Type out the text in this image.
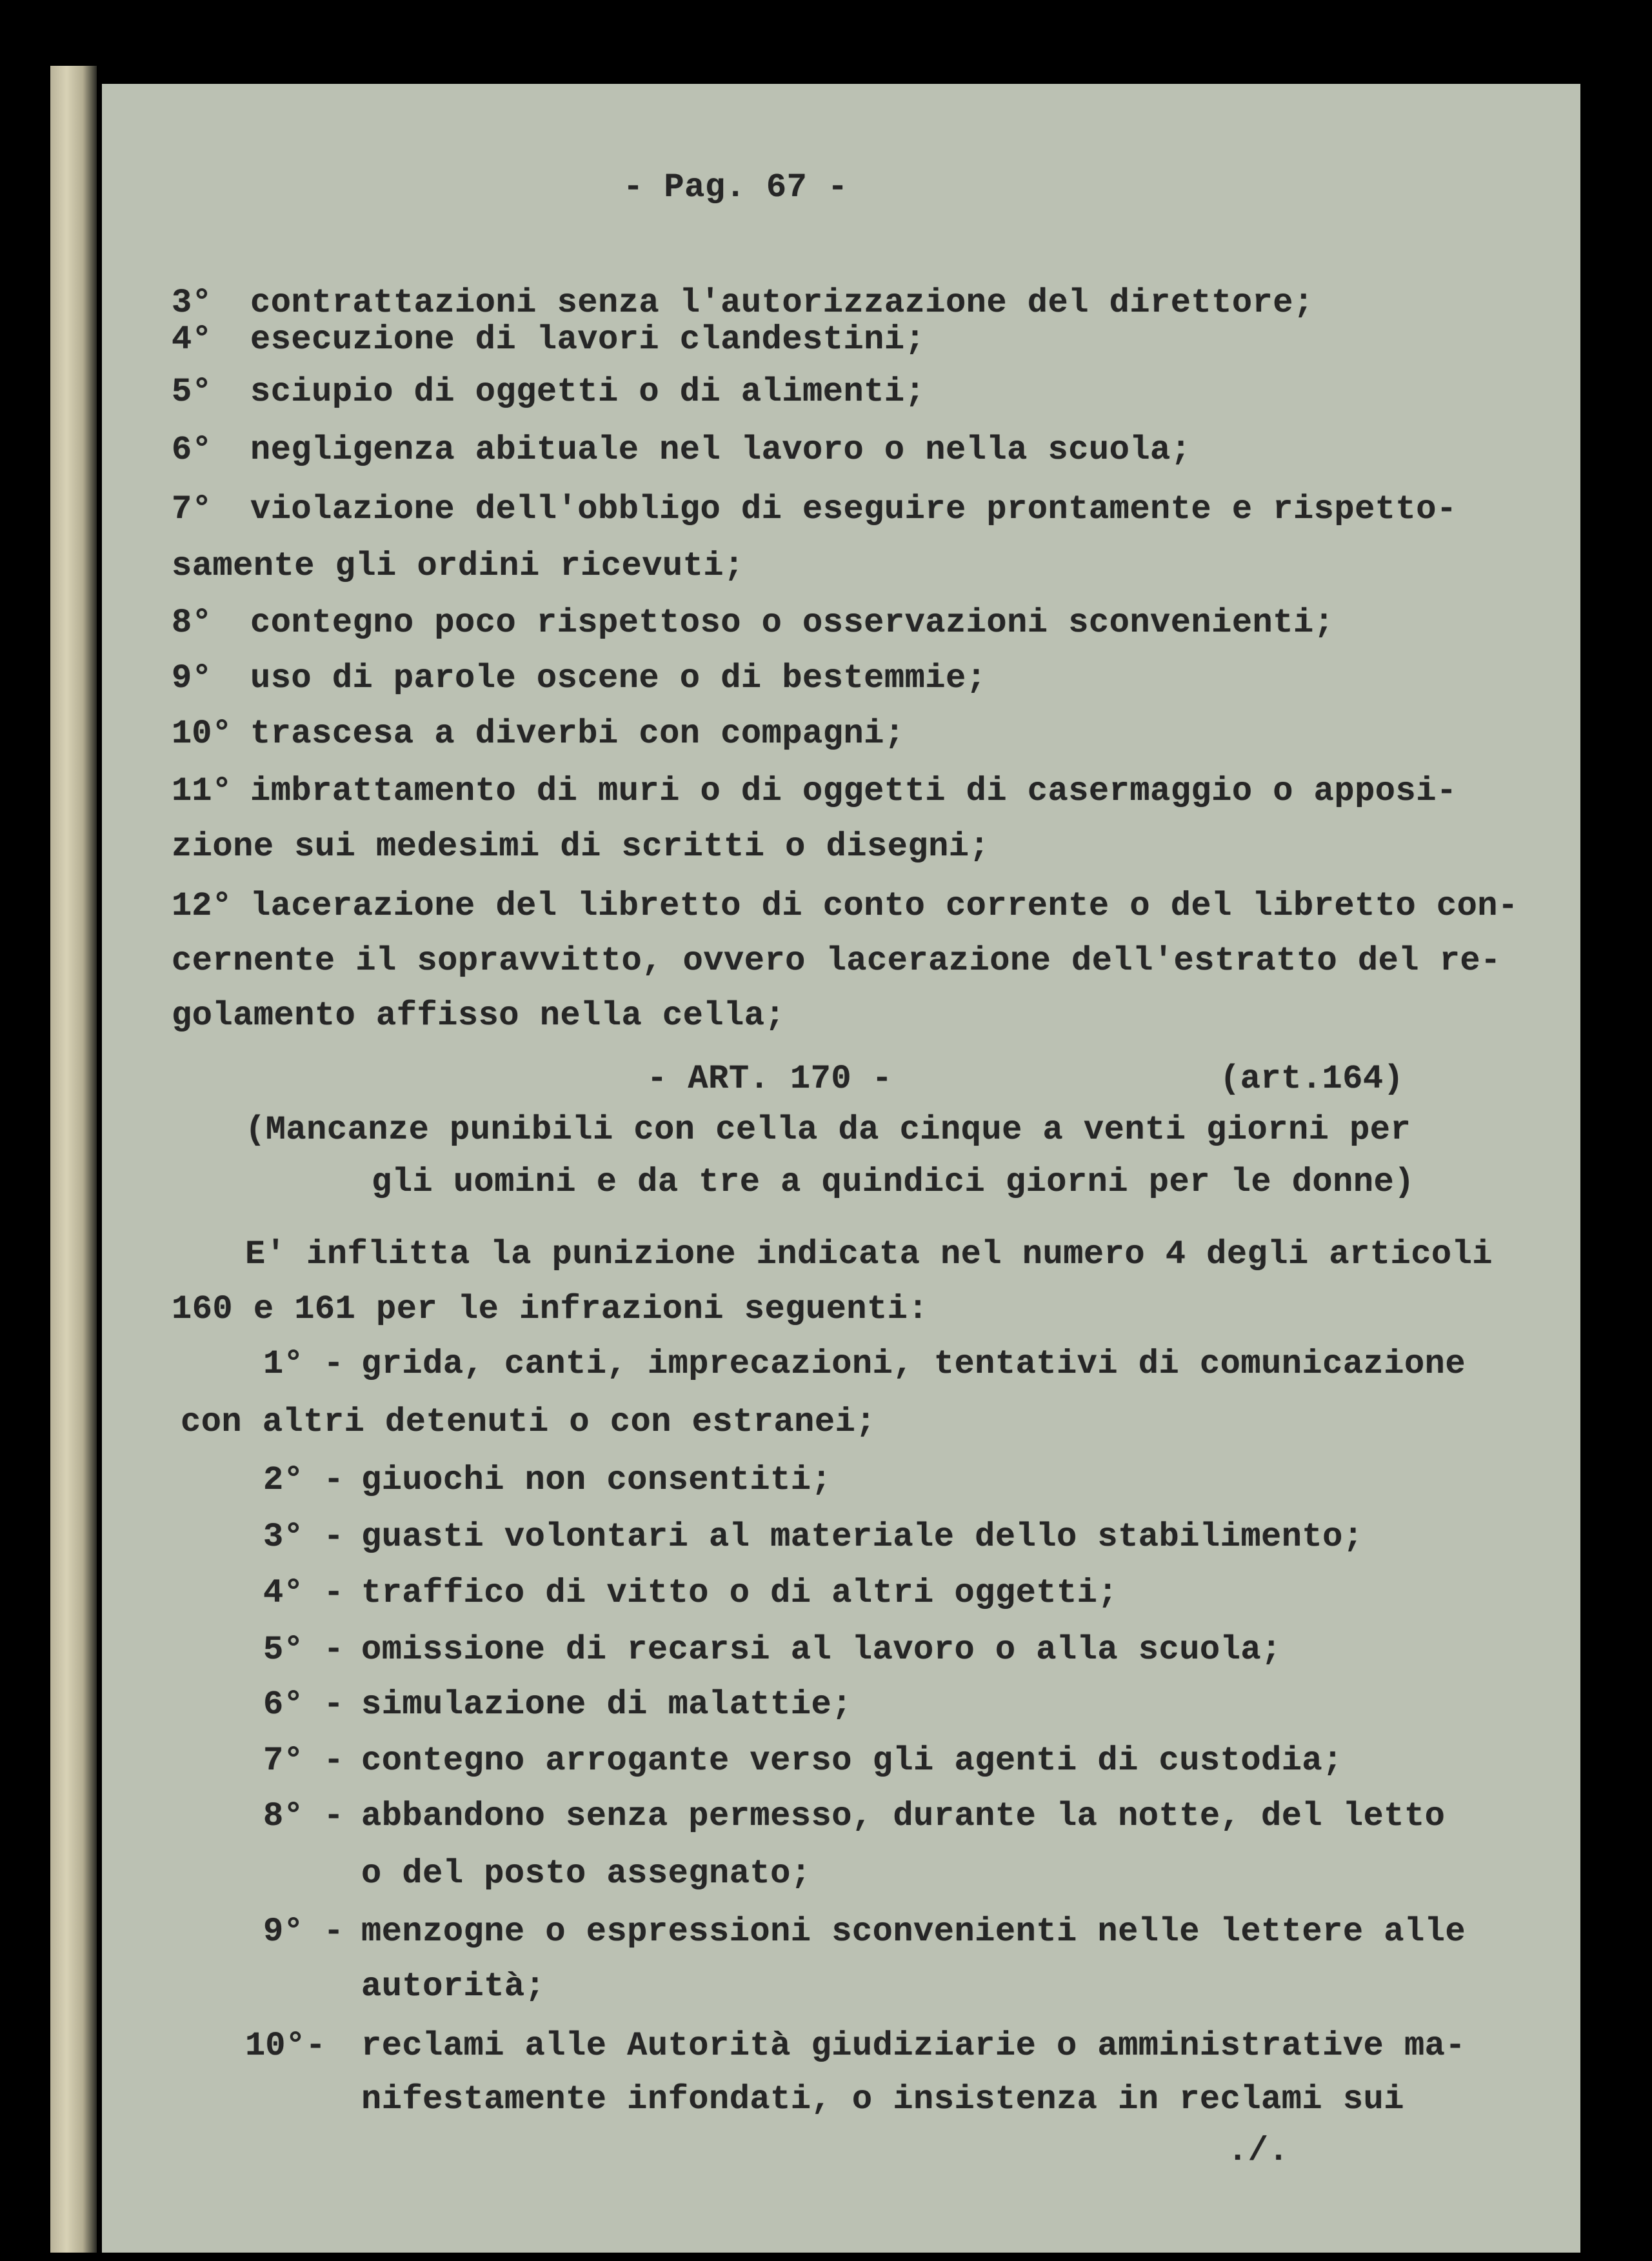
- Pag. 67 -
3° contrattazioni senza l'autorizzazione del direttore;
4° esecuzione di lavori clandestini;
5° sciupio di oggetti o di alimenti;
6° negligenza abituale nel lavoro o nella scuola;
7° violazione dell'obbligo di eseguire prontamente e rispetto-
samente gli ordini ricevuti;
8° contegno poco rispettoso o osservazioni sconvenienti;
9° uso di parole oscene o di bestemmie;
10° trascesa a diverbi con compagni;
11° imbrattamento di muri o di oggetti di casermaggio o apposi-
zione sui medesimi di scritti o disegni;
12° lacerazione del libretto di conto corrente o del libretto con-
cernente il sopravvitto, ovvero lacerazione dell'estratto del re-
golamento affisso nella cella;
- ART. 170 -	(art.164)
(Mancanze punibili con cella da cinque a venti giorni per
gli uomini e da tre a quindici giorni per le donne)
E' inflitta la punizione indicata nel numero 4 degli articoli
160 e 161 per le infrazioni seguenti:
1° - grida, canti, imprecazioni, tentativi di comunicazione
con altri detenuti o con estranei;
2° - giuochi non consentiti;
3° - guasti volontari al materiale dello stabilimento;
4° - traffico di vitto o di altri oggetti;
5° - omissione di recarsi al lavoro o alla scuola;
6° - simulazione di malattie;
7° - contegno arrogante verso gli agenti di custodia;
8° - abbandono senza permesso, durante la notte, del letto
o del posto assegnato;
9° - menzogne o espressioni sconvenienti nelle lettere alle
autorità;
10°- reclami alle Autorità giudiziarie o amministrative ma-
nifestamente infondati, o insistenza in reclami sui
./.
